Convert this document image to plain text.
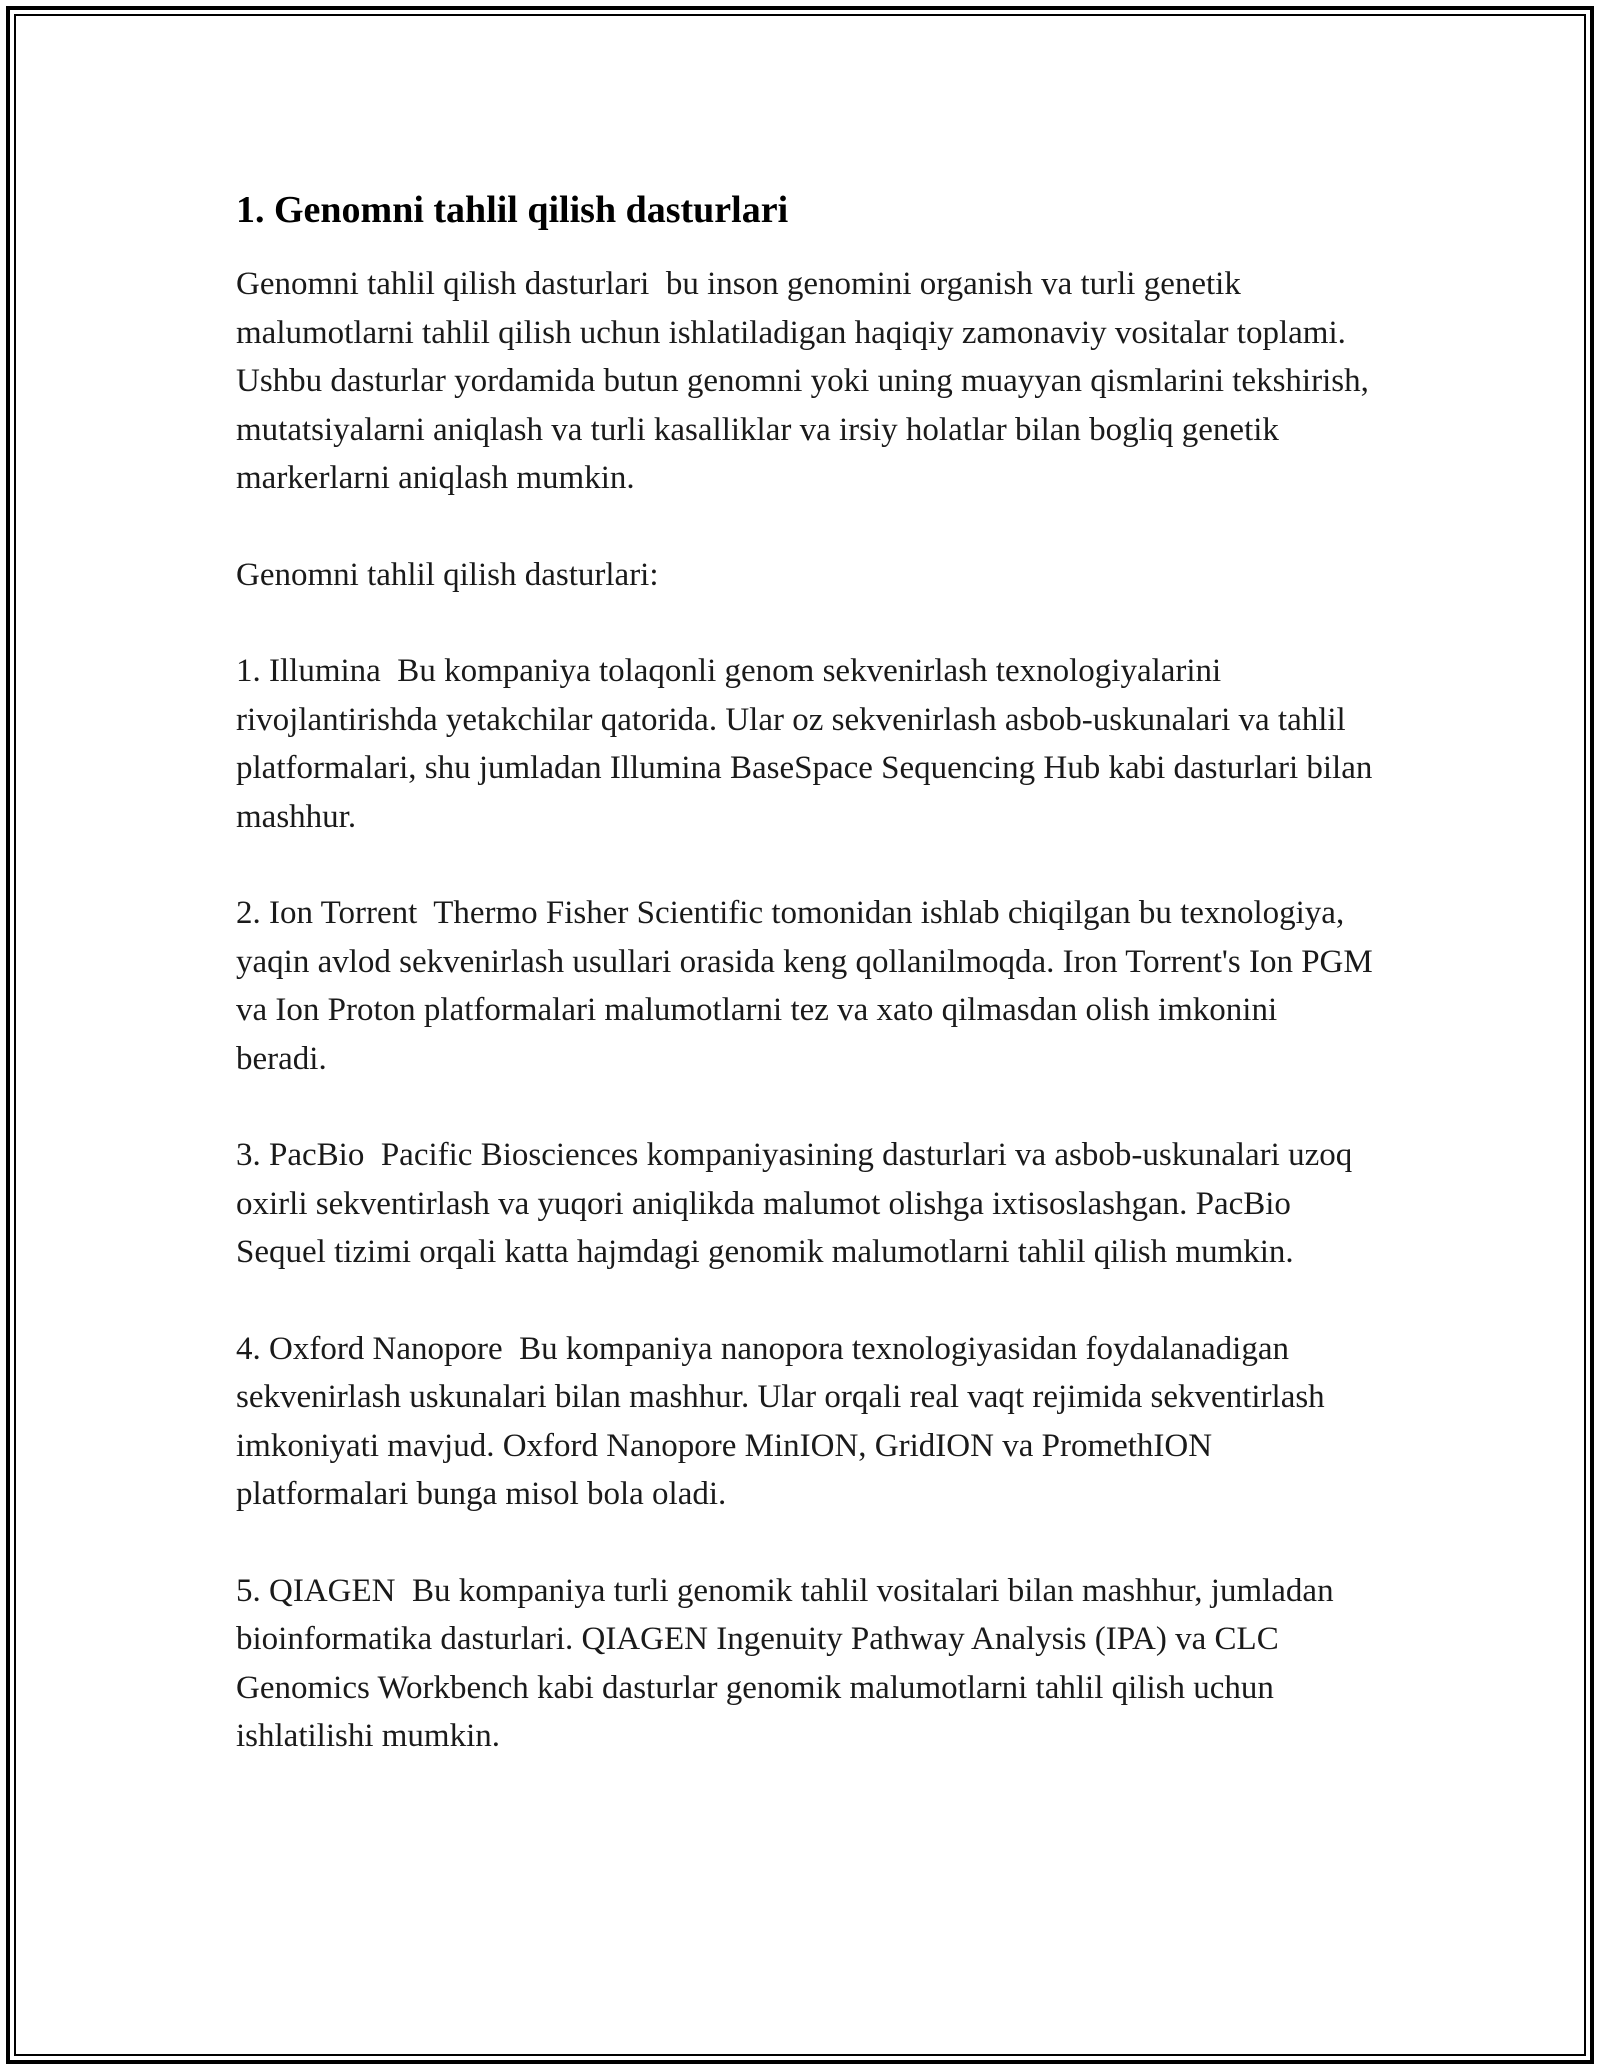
1. Genomni tahlil qilish dasturlari

Genomni tahlil qilish dasturlari  bu inson genomini organish va turli genetik malumotlarni tahlil qilish uchun ishlatiladigan haqiqiy zamonaviy vositalar toplami. Ushbu dasturlar yordamida butun genomni yoki uning muayyan qismlarini tekshirish, mutatsiyalarni aniqlash va turli kasalliklar va irsiy holatlar bilan bogliq genetik markerlarni aniqlash mumkin.

Genomni tahlil qilish dasturlari:

1. Illumina  Bu kompaniya tolaqonli genom sekvenirlash texnologiyalarini rivojlantirishda yetakchilar qatorida. Ular oz sekvenirlash asbob-uskunalari va tahlil platformalari, shu jumladan Illumina BaseSpace Sequencing Hub kabi dasturlari bilan mashhur.

2. Ion Torrent  Thermo Fisher Scientific tomonidan ishlab chiqilgan bu texnologiya, yaqin avlod sekvenirlash usullari orasida keng qollanilmoqda. Iron Torrent's Ion PGM va Ion Proton platformalari malumotlarni tez va xato qilmasdan olish imkonini beradi.

3. PacBio  Pacific Biosciences kompaniyasining dasturlari va asbob-uskunalari uzoq oxirli sekventirlash va yuqori aniqlikda malumot olishga ixtisoslashgan. PacBio Sequel tizimi orqali katta hajmdagi genomik malumotlarni tahlil qilish mumkin.

4. Oxford Nanopore  Bu kompaniya nanopora texnologiyasidan foydalanadigan sekvenirlash uskunalari bilan mashhur. Ular orqali real vaqt rejimida sekventirlash imkoniyati mavjud. Oxford Nanopore MinION, GridION va PromethION platformalari bunga misol bola oladi.

5. QIAGEN  Bu kompaniya turli genomik tahlil vositalari bilan mashhur, jumladan bioinformatika dasturlari. QIAGEN Ingenuity Pathway Analysis (IPA) va CLC Genomics Workbench kabi dasturlar genomik malumotlarni tahlil qilish uchun ishlatilishi mumkin.
